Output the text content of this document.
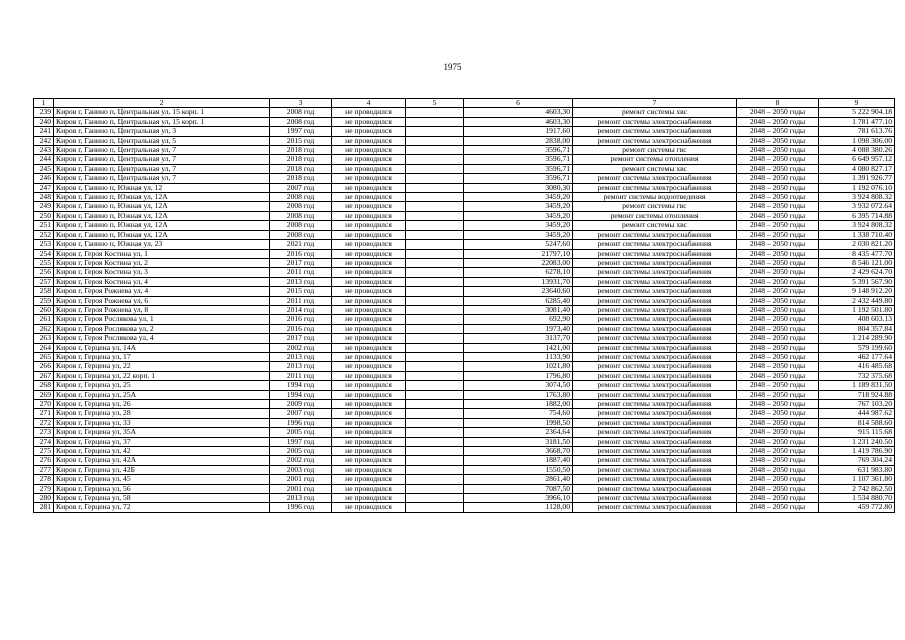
1975
1	2	3	4	5	6	7	8	9
239	Киров г, Ганино п, Центральная ул, 15 корп. 1	2008 год	не проводился		4603,30	ремонт системы хвс	2048 – 2050 годы	5 222 904.18
240	Киров г, Ганино п, Центральная ул, 15 корп. 1	2008 год	не проводился		4603,30	ремонт системы электроснабжения	2048 – 2050 годы	1 781 477.10
241	Киров г, Ганино п, Центральная ул, 3	1997 год	не проводился		1917,60	ремонт системы электроснабжения	2048 – 2050 годы	781 613.76
242	Киров г, Ганино п, Центральная ул, 5	2015 год	не проводился		2838,00	ремонт системы электроснабжения	2048 – 2050 годы	1 098 306.00
243	Киров г, Ганино п, Центральная ул, 7	2018 год	не проводился		3596,71	ремонт системы гвс	2048 – 2050 годы	4 088 380.26
244	Киров г, Ганино п, Центральная ул, 7	2018 год	не проводился		3596,71	ремонт системы отопления	2048 – 2050 годы	6 649 957.12
245	Киров г, Ганино п, Центральная ул, 7	2018 год	не проводился		3596,71	ремонт системы хвс	2048 – 2050 годы	4 080 827.17
246	Киров г, Ганино п, Центральная ул, 7	2018 год	не проводился		3596,71	ремонт системы электроснабжения	2048 – 2050 годы	1 391 926.77
247	Киров г, Ганино п, Южная ул, 12	2007 год	не проводился		3080,30	ремонт системы электроснабжения	2048 – 2050 годы	1 192 076.10
248	Киров г, Ганино п, Южная ул, 12А	2008 год	не проводился		3459,20	ремонт системы водоотведения	2048 – 2050 годы	3 924 808.32
249	Киров г, Ганино п, Южная ул, 12А	2008 год	не проводился		3459,20	ремонт системы гвс	2048 – 2050 годы	3 932 072.64
250	Киров г, Ганино п, Южная ул, 12А	2008 год	не проводился		3459,20	ремонт системы отопления	2048 – 2050 годы	6 395 714.88
251	Киров г, Ганино п, Южная ул, 12А	2008 год	не проводился		3459,20	ремонт системы хвс	2048 – 2050 годы	3 924 808.32
252	Киров г, Ганино п, Южная ул, 12А	2008 год	не проводился		3459,20	ремонт системы электроснабжения	2048 – 2050 годы	1 338 710.40
253	Киров г, Ганино п, Южная ул, 23	2021 год	не проводился		5247,60	ремонт системы электроснабжения	2048 – 2050 годы	2 030 821.20
254	Киров г, Героя Костина ул, 1	2016 год	не проводился		21797,10	ремонт системы электроснабжения	2048 – 2050 годы	8 435 477.70
255	Киров г, Героя Костина ул, 2	2017 год	не проводился		22083,00	ремонт системы электроснабжения	2048 – 2050 годы	8 546 121.00
256	Киров г, Героя Костина ул, 3	2011 год	не проводился		6278,10	ремонт системы электроснабжения	2048 – 2050 годы	2 429 624.70
257	Киров г, Героя Костина ул, 4	2013 год	не проводился		13931,70	ремонт системы электроснабжения	2048 – 2050 годы	5 391 567.90
258	Киров г, Героя Рожнева ул, 4	2015 год	не проводился		23640,60	ремонт системы электроснабжения	2048 – 2050 годы	9 148 912.20
259	Киров г, Героя Рожнева ул, 6	2011 год	не проводился		6285,40	ремонт системы электроснабжения	2048 – 2050 годы	2 432 449.80
260	Киров г, Героя Рожнева ул, 8	2014 год	не проводился		3081,40	ремонт системы электроснабжения	2048 – 2050 годы	1 192 501.80
261	Киров г, Героя Рослякова ул, 1	2016 год	не проводился		692,90	ремонт системы электроснабжения	2048 – 2050 годы	408 603.13
262	Киров г, Героя Рослякова ул, 2	2016 год	не проводился		1973,40	ремонт системы электроснабжения	2048 – 2050 годы	804 357.84
263	Киров г, Героя Рослякова ул, 4	2017 год	не проводился		3137,70	ремонт системы электроснабжения	2048 – 2050 годы	1 214 289.90
264	Киров г, Герцена ул, 14А	2002 год	не проводился		1421,00	ремонт системы электроснабжения	2048 – 2050 годы	579 199.60
265	Киров г, Герцена ул, 17	2013 год	не проводился		1133,90	ремонт системы электроснабжения	2048 – 2050 годы	462 177.64
266	Киров г, Герцена ул, 22	2013 год	не проводился		1021,80	ремонт системы электроснабжения	2048 – 2050 годы	416 485.68
267	Киров г, Герцена ул, 22 корп. 1	2011 год	не проводился		1796,80	ремонт системы электроснабжения	2048 – 2050 годы	732 375.68
268	Киров г, Герцена ул, 25	1994 год	не проводился		3074,50	ремонт системы электроснабжения	2048 – 2050 годы	1 189 831.50
269	Киров г, Герцена ул, 25А	1994 год	не проводился		1763,80	ремонт системы электроснабжения	2048 – 2050 годы	718 924.88
270	Киров г, Герцена ул, 26	2009 год	не проводился		1882,00	ремонт системы электроснабжения	2048 – 2050 годы	767 103.20
271	Киров г, Герцена ул, 28	2007 год	не проводился		754,60	ремонт системы электроснабжения	2048 – 2050 годы	444 987.62
272	Киров г, Герцена ул, 33	1996 год	не проводился		1998,50	ремонт системы электроснабжения	2048 – 2050 годы	814 588.60
273	Киров г, Герцена ул, 35А	2005 год	не проводился		2364,64	ремонт системы электроснабжения	2048 – 2050 годы	915 115.68
274	Киров г, Герцена ул, 37	1997 год	не проводился		3181,50	ремонт системы электроснабжения	2048 – 2050 годы	1 231 240.50
275	Киров г, Герцена ул, 42	2005 год	не проводился		3668,70	ремонт системы электроснабжения	2048 – 2050 годы	1 419 786.90
276	Киров г, Герцена ул, 42А	2002 год	не проводился		1887,40	ремонт системы электроснабжения	2048 – 2050 годы	769 304.24
277	Киров г, Герцена ул, 42Б	2003 год	не проводился		1550,50	ремонт системы электроснабжения	2048 – 2050 годы	631 983.80
278	Киров г, Герцена ул, 45	2001 год	не проводился		2861,40	ремонт системы электроснабжения	2048 – 2050 годы	1 107 361.80
279	Киров г, Герцена ул, 56	2001 год	не проводился		7087,50	ремонт системы электроснабжения	2048 – 2050 годы	2 742 862.50
280	Киров г, Герцена ул, 58	2013 год	не проводился		3966,10	ремонт системы электроснабжения	2048 – 2050 годы	1 534 880.70
281	Киров г, Герцена ул, 72	1996 год	не проводился		1128,00	ремонт системы электроснабжения	2048 – 2050 годы	459 772.80
